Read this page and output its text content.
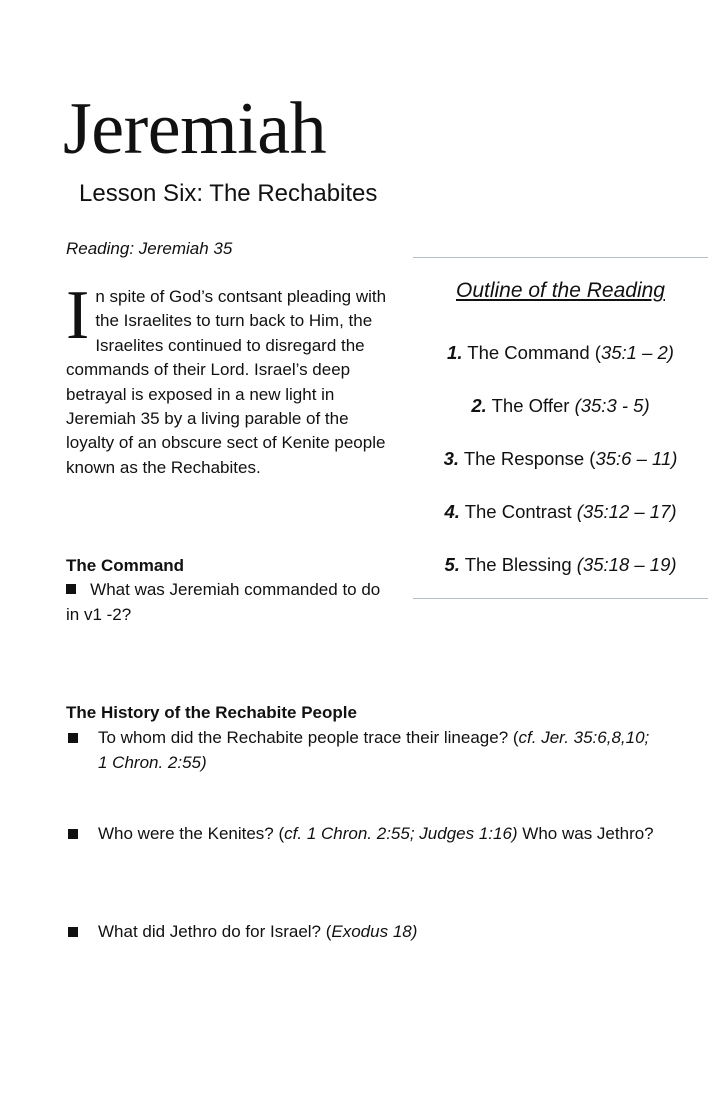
Jeremiah
Lesson Six: The Rechabites
Reading: Jeremiah 35
In spite of God’s contsant pleading with the Israelites to turn back to Him, the Israelites continued to disregard the commands of their Lord. Israel’s deep betrayal is exposed in a new light in Jeremiah 35 by a living parable of the loyalty of an obscure sect of Kenite people known as the Rechabites.
Outline of the Reading
1. The Command (35:1 – 2)
2. The Offer (35:3 - 5)
3. The Response (35:6 – 11)
4. The Contrast (35:12 – 17)
5. The Blessing (35:18 – 19)
The Command
What was Jeremiah commanded to do in v1 -2?
The History of the Rechabite People
To whom did the Rechabite people trace their lineage? (cf. Jer. 35:6,8,10; 1 Chron. 2:55)
Who were the Kenites? (cf. 1 Chron. 2:55; Judges 1:16) Who was Jethro?
What did Jethro do for Israel? (Exodus 18)
